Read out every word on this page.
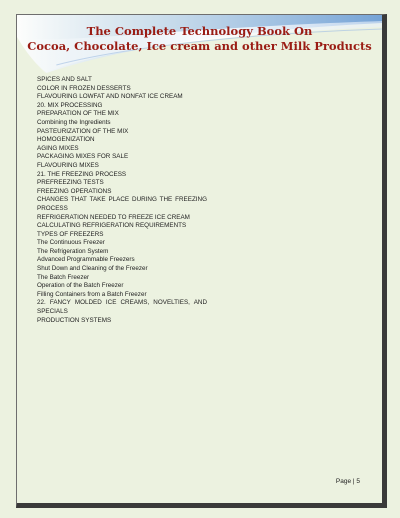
The Complete Technology Book On
Cocoa, Chocolate, Ice cream and other Milk Products
SPICES AND SALT
COLOR IN FROZEN DESSERTS
FLAVOURING LOWFAT AND NONFAT ICE CREAM
20. MIX PROCESSING
PREPARATION OF THE MIX
Combining the Ingredients
PASTEURIZATION OF THE MIX
HOMOGENIZATION
AGING MIXES
PACKAGING MIXES FOR SALE
FLAVOURING MIXES
21. THE FREEZING PROCESS
PREFREEZING TESTS
FREEZING OPERATIONS
CHANGES THAT TAKE PLACE DURING THE FREEZING PROCESS
REFRIGERATION NEEDED TO FREEZE ICE CREAM
CALCULATING REFRIGERATION REQUIREMENTS
TYPES OF FREEZERS
The Continuous Freezer
The Refrigeration System
Advanced Programmable Freezers
Shut Down and Cleaning of the Freezer
The Batch Freezer
Operation of the Batch Freezer
Filling Containers from a Batch Freezer
22. FANCY MOLDED ICE CREAMS, NOVELTIES, AND SPECIALS
PRODUCTION SYSTEMS
Page | 5
